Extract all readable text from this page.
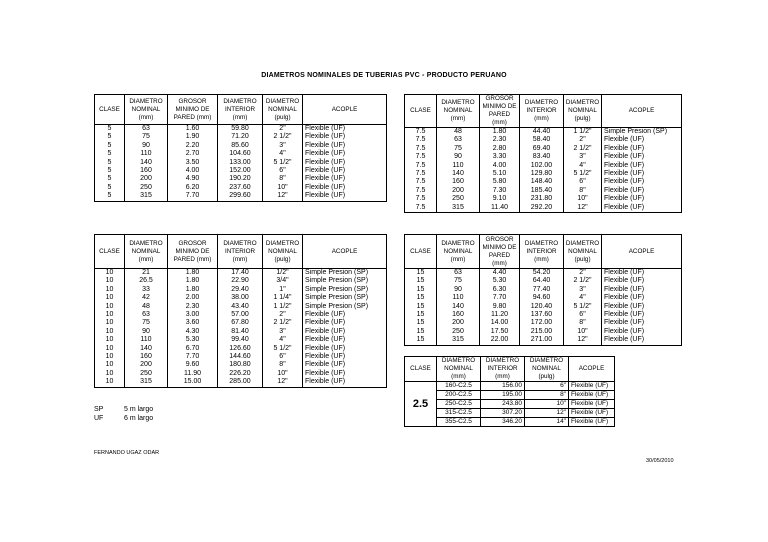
DIAMETROS NOMINALES DE TUBERIAS PVC - PRODUCTO PERUANO
CLASE	DIAMETRO NOMINAL (mm)	GROSOR MINIMO DE PARED (mm)	DIAMETRO INTERIOR (mm)	DIAMETRO NOMINAL (pulg)	ACOPLE
5	63	1.60	59.80	2"	Flexible (UF)
5	75	1.90	71.20	2 1/2"	Flexible (UF)
5	90	2.20	85.60	3"	Flexible (UF)
5	110	2.70	104.60	4"	Flexible (UF)
5	140	3.50	133.00	5 1/2"	Flexible (UF)
5	160	4.00	152.00	6"	Flexible (UF)
5	200	4.90	190.20	8"	Flexible (UF)
5	250	6.20	237.60	10"	Flexible (UF)
5	315	7.70	299.60	12"	Flexible (UF)
CLASE	DIAMETRO NOMINAL (mm)	GROSOR MINIMO DE PARED (mm)	DIAMETRO INTERIOR (mm)	DIAMETRO NOMINAL (pulg)	ACOPLE
7.5	48	1.80	44.40	1 1/2"	Simple Presion (SP)
7.5	63	2.30	58.40	2"	Flexible (UF)
7.5	75	2.80	69.40	2 1/2"	Flexible (UF)
7.5	90	3.30	83.40	3"	Flexible (UF)
7.5	110	4.00	102.00	4"	Flexible (UF)
7.5	140	5.10	129.80	5 1/2"	Flexible (UF)
7.5	160	5.80	148.40	6"	Flexible (UF)
7.5	200	7.30	185.40	8"	Flexible (UF)
7.5	250	9.10	231.80	10"	Flexible (UF)
7.5	315	11.40	292.20	12"	Flexible (UF)
CLASE	DIAMETRO NOMINAL (mm)	GROSOR MINIMO DE PARED (mm)	DIAMETRO INTERIOR (mm)	DIAMETRO NOMINAL (pulg)	ACOPLE
10	21	1.80	17.40	1/2"	Simple Presion (SP)
10	26.5	1.80	22.90	3/4"	Simple Presion (SP)
10	33	1.80	29.40	1"	Simple Presion (SP)
10	42	2.00	38.00	1 1/4"	Simple Presion (SP)
10	48	2.30	43.40	1 1/2"	Simple Presion (SP)
10	63	3.00	57.00	2"	Flexible (UF)
10	75	3.60	67.80	2 1/2"	Flexible (UF)
10	90	4.30	81.40	3"	Flexible (UF)
10	110	5.30	99.40	4"	Flexible (UF)
10	140	6.70	126.60	5 1/2"	Flexible (UF)
10	160	7.70	144.60	6"	Flexible (UF)
10	200	9.60	180.80	8"	Flexible (UF)
10	250	11.90	226.20	10"	Flexible (UF)
10	315	15.00	285.00	12"	Flexible (UF)
CLASE	DIAMETRO NOMINAL (mm)	GROSOR MINIMO DE PARED (mm)	DIAMETRO INTERIOR (mm)	DIAMETRO NOMINAL (pulg)	ACOPLE
15	63	4.40	54.20	2"	Flexible (UF)
15	75	5.30	64.40	2 1/2"	Flexible (UF)
15	90	6.30	77.40	3"	Flexible (UF)
15	110	7.70	94.60	4"	Flexible (UF)
15	140	9.80	120.40	5 1/2"	Flexible (UF)
15	160	11.20	137.60	6"	Flexible (UF)
15	200	14.00	172.00	8"	Flexible (UF)
15	250	17.50	215.00	10"	Flexible (UF)
15	315	22.00	271.00	12"	Flexible (UF)
CLASE	DIAMETRO NOMINAL (mm)	DIAMETRO INTERIOR (mm)	DIAMETRO NOMINAL (pulg)	ACOPLE
2.5	160-C2.5	156.00	6"	Flexible (UF)
	200-C2.5	195.00	8"	Flexible (UF)
	250-C2.5	243.80	10"	Flexible (UF)
	315-C2.5	307.20	12"	Flexible (UF)
	355-C2.5	346.20	14"	Flexible (UF)
SP	5 m largo
UF	6 m largo
FERNANDO UGAZ ODAR
30/05/2010
